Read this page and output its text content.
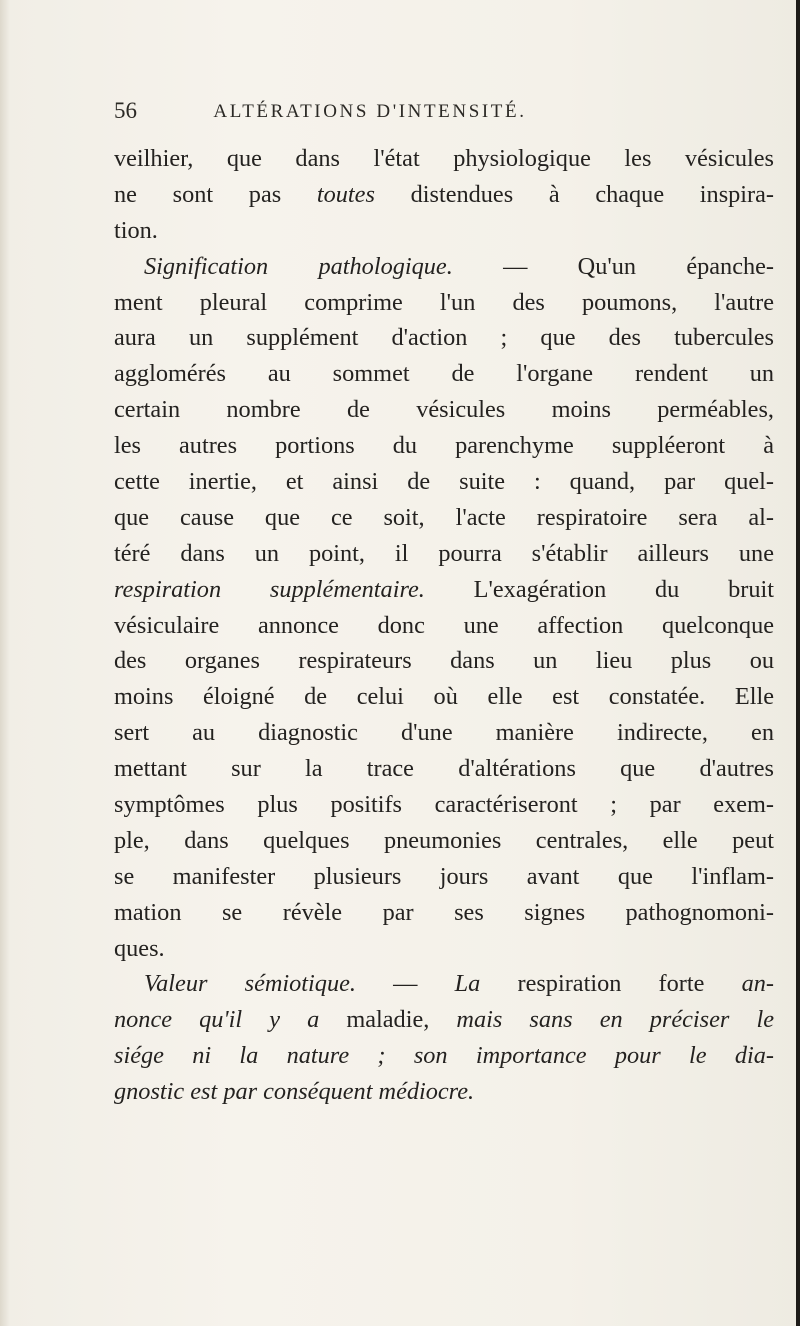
56	ALTÉRATIONS D'INTENSITÉ.
veilhier, que dans l'état physiologique les vésicules
ne sont pas toutes distendues à chaque inspira-
tion.
Signification pathologique. — Qu'un épanche-
ment pleural comprime l'un des poumons, l'autre
aura un supplément d'action ; que des tubercules
agglomérés au sommet de l'organe rendent un
certain nombre de vésicules moins perméables,
les autres portions du parenchyme suppléeront à
cette inertie, et ainsi de suite : quand, par quel-
que cause que ce soit, l'acte respiratoire sera al-
téré dans un point, il pourra s'établir ailleurs une
respiration supplémentaire. L'exagération du bruit
vésiculaire annonce donc une affection quelconque
des organes respirateurs dans un lieu plus ou
moins éloigné de celui où elle est constatée. Elle
sert au diagnostic d'une manière indirecte, en
mettant sur la trace d'altérations que d'autres
symptômes plus positifs caractériseront ; par exem-
ple, dans quelques pneumonies centrales, elle peut
se manifester plusieurs jours avant que l'inflam-
mation se révèle par ses signes pathognomoni-
ques.
Valeur sémiotique. — La respiration forte an-
nonce qu'il y a maladie, mais sans en préciser le
siége ni la nature ; son importance pour le dia-
gnostic est par conséquent médiocre.
